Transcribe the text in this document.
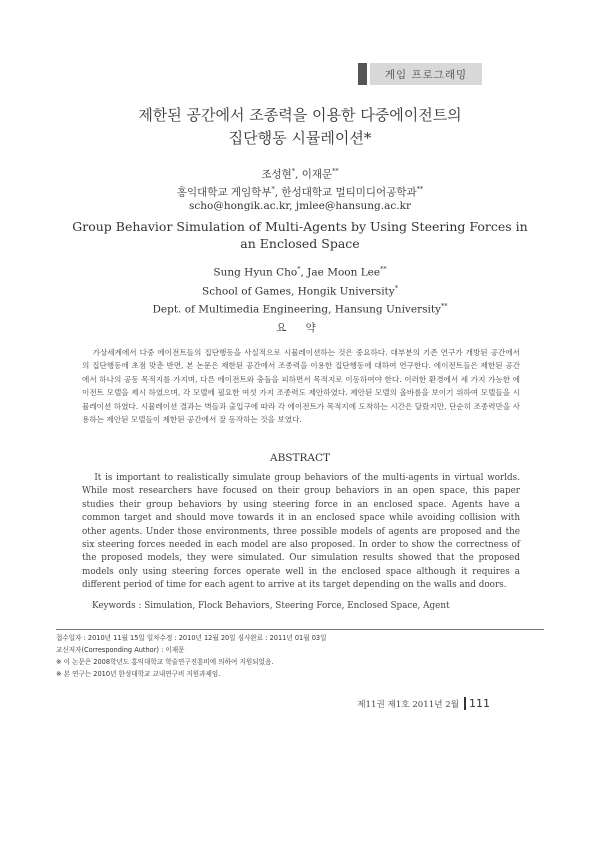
게임 프로그래밍
제한된 공간에서 조종력을 이용한 다중에이전트의
집단행동 시뮬레이션*
조성현*, 이재문**
홍익대학교 게임학부*, 한성대학교 멀티미디어공학과**
scho@hongik.ac.kr, jmlee@hansung.ac.kr
Group Behavior Simulation of Multi-Agents by Using Steering Forces in
an Enclosed Space
Sung Hyun Cho*, Jae Moon Lee**
School of Games, Hongik University*
Dept. of Multimedia Engineering, Hansung University**
요 약
가상세계에서 다중 에이전트들의 집단행동을 사실적으로 시뮬레이션하는 것은 중요하다. 대부분의 기존 연구가 개방된 공간에서의 집단행동에 초점 맞춘 반면, 본 논문은 제한된 공간에서 조종력을 이용한 집단행동에 대하여 연구한다. 에이전트들은 제한된 공간에서 하나의 공동 목적지를 가지며, 다른 에이전트와 충돌을 피하면서 목적지로 이동하여야 한다. 이러한 환경에서 세 가지 가능한 에이전트 모델을 제시 하였으며, 각 모델에 필요한 여섯 가지 조종력도 제안하였다. 제안된 모델의 올바름을 보이기 위하여 모델들을 시뮬레이션 하였다. 시뮬레이션 결과는 벽들과 출입구에 따라 각 에이전트가 목적지에 도착하는 시간은 달랐지만, 단순히 조종력만을 사용하는 제안된 모델들이 제한된 공간에서 잘 동작하는 것을 보였다.
ABSTRACT
It is important to realistically simulate group behaviors of the multi-agents in virtual worlds. While most researchers have focused on their group behaviors in an open space, this paper studies their group behaviors by using steering force in an enclosed space. Agents have a common target and should move towards it in an enclosed space while avoiding collision with other agents. Under those environments, three possible models of agents are proposed and the six steering forces needed in each model are also proposed. In order to show the correctness of the proposed models, they were simulated. Our simulation results showed that the proposed models only using steering forces operate well in the enclosed space although it requires a different period of time for each agent to arrive at its target depending on the walls and doors.
Keywords : Simulation, Flock Behaviors, Steering Force, Enclosed Space, Agent
접수일자 : 2010년 11월 15일 일차수정 : 2010년 12월 20일 심사완료 : 2011년 01월 03일
교신저자(Corresponding Author) : 이재문
※ 이 논문은 2008학년도 홍익대학교 학술연구진흥비에 의하여 지원되었음.
※ 본 연구는 2010년 한성대학교 교내연구비 지원과제임.
제11권 제1호 2011년 2월 111
